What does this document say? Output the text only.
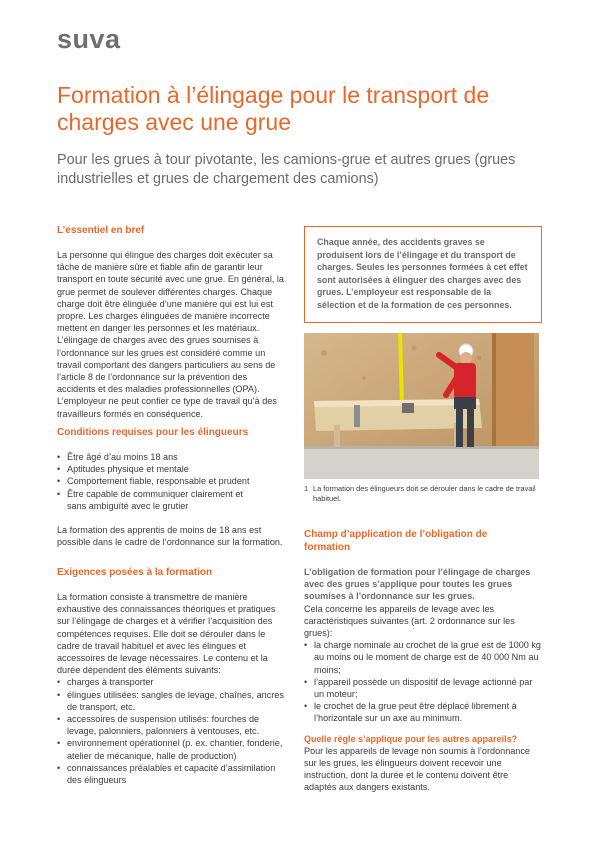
suva
Formation à l’élingage pour le transport de charges avec une grue

Pour les grues à tour pivotante, les camions-grue et autres grues (grues industrielles et grues de chargement des camions)

L’essentiel en bref

La personne qui élingue des charges doit exécuter sa tâche de manière sûre et fiable afin de garantir leur transport en toute sécurité avec une grue. En général, la grue permet de soulever différentes charges. Chaque charge doit être élinguée d’une manière qui est lui est propre. Les charges élinguées de manière incorrecte mettent en danger les personnes et les matériaux. L’élingage de charges avec des grues soumises à l’ordonnance sur les grues est considéré comme un travail comportant des dangers particuliers au sens de l’article 8 de l’ordonnance sur la prévention des accidents et des maladies professionnelles (OPA). L’employeur ne peut confier ce type de travail qu’à des travailleurs formés en conséquence.

Conditions requises pour les élingueurs
• Être âgé d’au moins 18 ans
• Aptitudes physique et mentale
• Comportement fiable, responsable et prudent
• Être capable de communiquer clairement et sans ambiguïté avec le grutier

La formation des apprentis de moins de 18 ans est possible dans le cadre de l’ordonnance sur la formation.

Exigences posées à la formation

La formation consiste à transmettre de manière exhaustive des connaissances théoriques et pratiques sur l’élingage de charges et à vérifier l’acquisition des compétences requises. Elle doit se dérouler dans le cadre de travail habituel et avec les élingues et accessoires de levage nécessaires. Le contenu et la durée dépendent des éléments suivants:

• charges à transporter
• élingues utilisées: sangles de levage, chaînes, ancres de transport, etc.
• accessoires de suspension utilisés: fourches de levage, palonniers, palonniers à ventouses, etc.
• environnement opérationnel (p. ex. chantier, fonderie, atelier de mécanique, halle de production)
• connaissances préalables et capacité d’assimilation des élingueurs
Chaque année, des accidents graves se produisent lors de l’élingage et du transport de charges. Seules les personnes formées à cet effet sont autorisées à élinguer des charges avec des grues. L’employeur est responsable de la sélection et de la formation de ces personnes.
1 La formation des élingueurs doit se dérouler dans le cadre de travail habituel.
Champ d’application de l’obligation de formation

L’obligation de formation pour l’élingage de charges avec des grues s’applique pour toutes les grues soumises à l’ordonnance sur les grues.

Cela concerne les appareils de levage avec les caractéristiques suivantes (art. 2 ordonnance sur les grues):

• la charge nominale au crochet de la grue est de 1000 kg au moins ou le moment de charge est de 40 000 Nm au moins;
• l’appareil possède un dispositif de levage actionné par un moteur;
• le crochet de la grue peut être déplacé librement à l’horizontale sur un axe au minimum.
Quelle règle s’applique pour les autres appareils?

Pour les appareils de levage non soumis à l’ordonnance sur les grues, les élingueurs doivent recevoir une instruction, dont la durée et le contenu doivent être adaptés aux dangers existants.
